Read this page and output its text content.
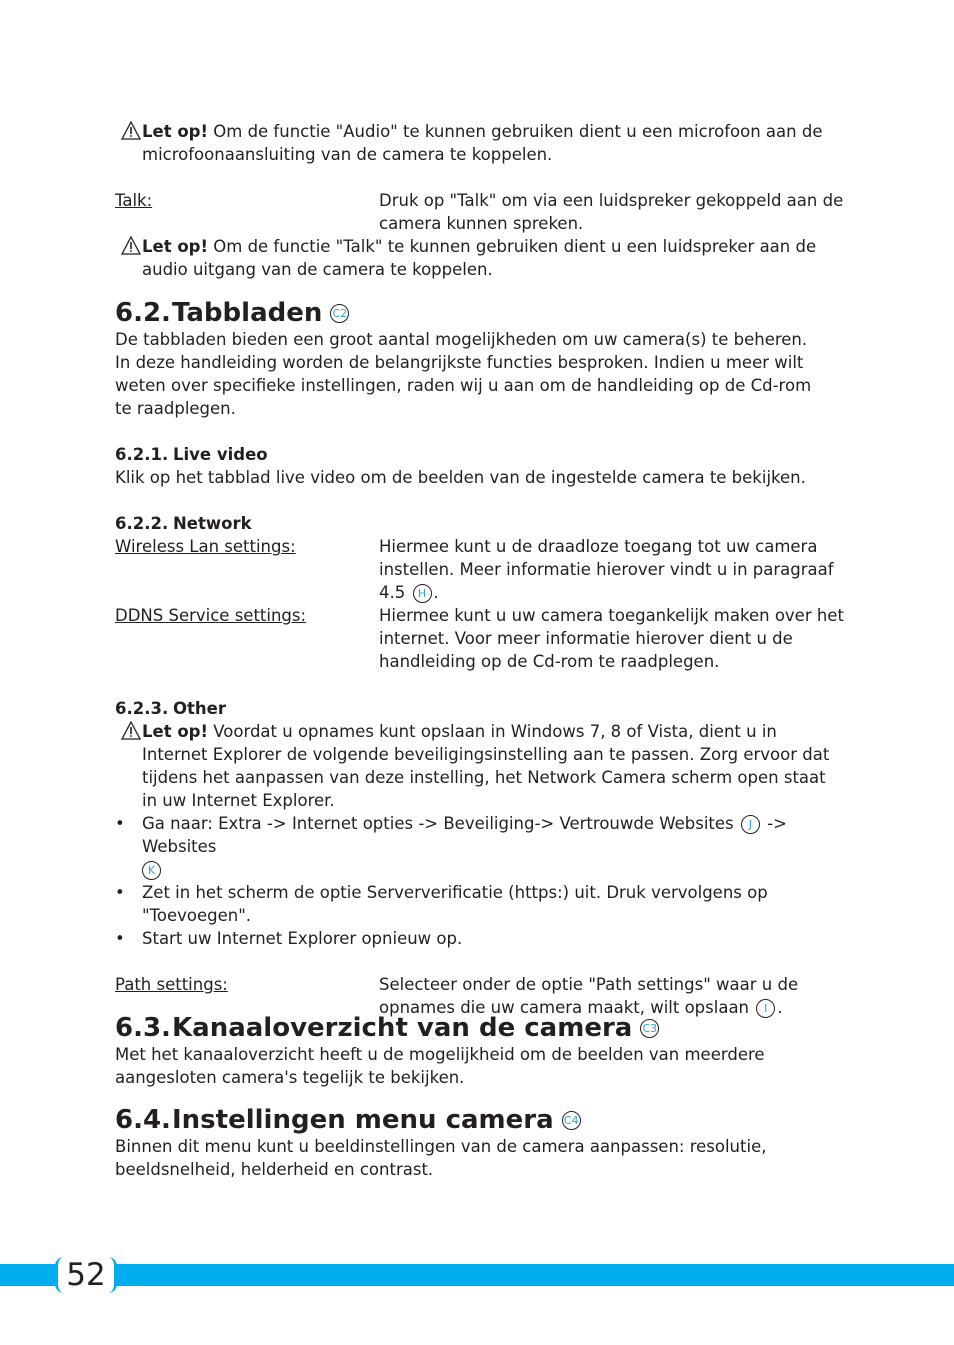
Let op! Om de functie "Audio" te kunnen gebruiken dient u een microfoon aan de microfoonaansluiting van de camera te koppelen.

Talk:	Druk op "Talk" om via een luidspreker gekoppeld aan de camera kunnen spreken.

Let op! Om de functie "Talk" te kunnen gebruiken dient u een luidspreker aan de audio uitgang van de camera te koppelen.

6.2. Tabbladen C2

De tabbladen bieden een groot aantal mogelijkheden om uw camera(s) te beheren. In deze handleiding worden de belangrijkste functies besproken. Indien u meer wilt weten over specifieke instellingen, raden wij u aan om de handleiding op de Cd-rom te raadplegen.

6.2.1. Live video

Klik op het tabblad live video om de beelden van de ingestelde camera te bekijken.

6.2.2. Network
Wireless Lan settings:	Hiermee kunt u de draadloze toegang tot uw camera instellen. Meer informatie hierover vindt u in paragraaf 4.5 H .
DDNS Service settings:	Hiermee kunt u uw camera toegankelijk maken over het internet. Voor meer informatie hierover dient u de handleiding op de Cd-rom te raadplegen.
6.2.3. Other

Let op! Voordat u opnames kunt opslaan in Windows 7, 8 of Vista, dient u in Internet Explorer de volgende beveiligingsinstelling aan te passen. Zorg ervoor dat tijdens het aanpassen van deze instelling, het Network Camera scherm open staat in uw Internet Explorer.

• Ga naar: Extra -> Internet opties -> Beveiliging-> Vertrouwde Websites J -> Websites
K
• Zet in het scherm de optie Serververificatie (https:) uit. Druk vervolgens op "Toevoegen".
• Start uw Internet Explorer opnieuw op.
Path settings:	Selecteer onder de optie "Path settings" waar u de opnames die uw camera maakt, wilt opslaan I .
6.3. Kanaaloverzicht van de camera C3

Met het kanaaloverzicht heeft u de mogelijkheid om de beelden van meerdere aangesloten camera's tegelijk te bekijken.

6.4. Instellingen menu camera C4

Binnen dit menu kunt u beeldinstellingen van de camera aanpassen: resolutie, beeldsnelheid, helderheid en contrast.

52
